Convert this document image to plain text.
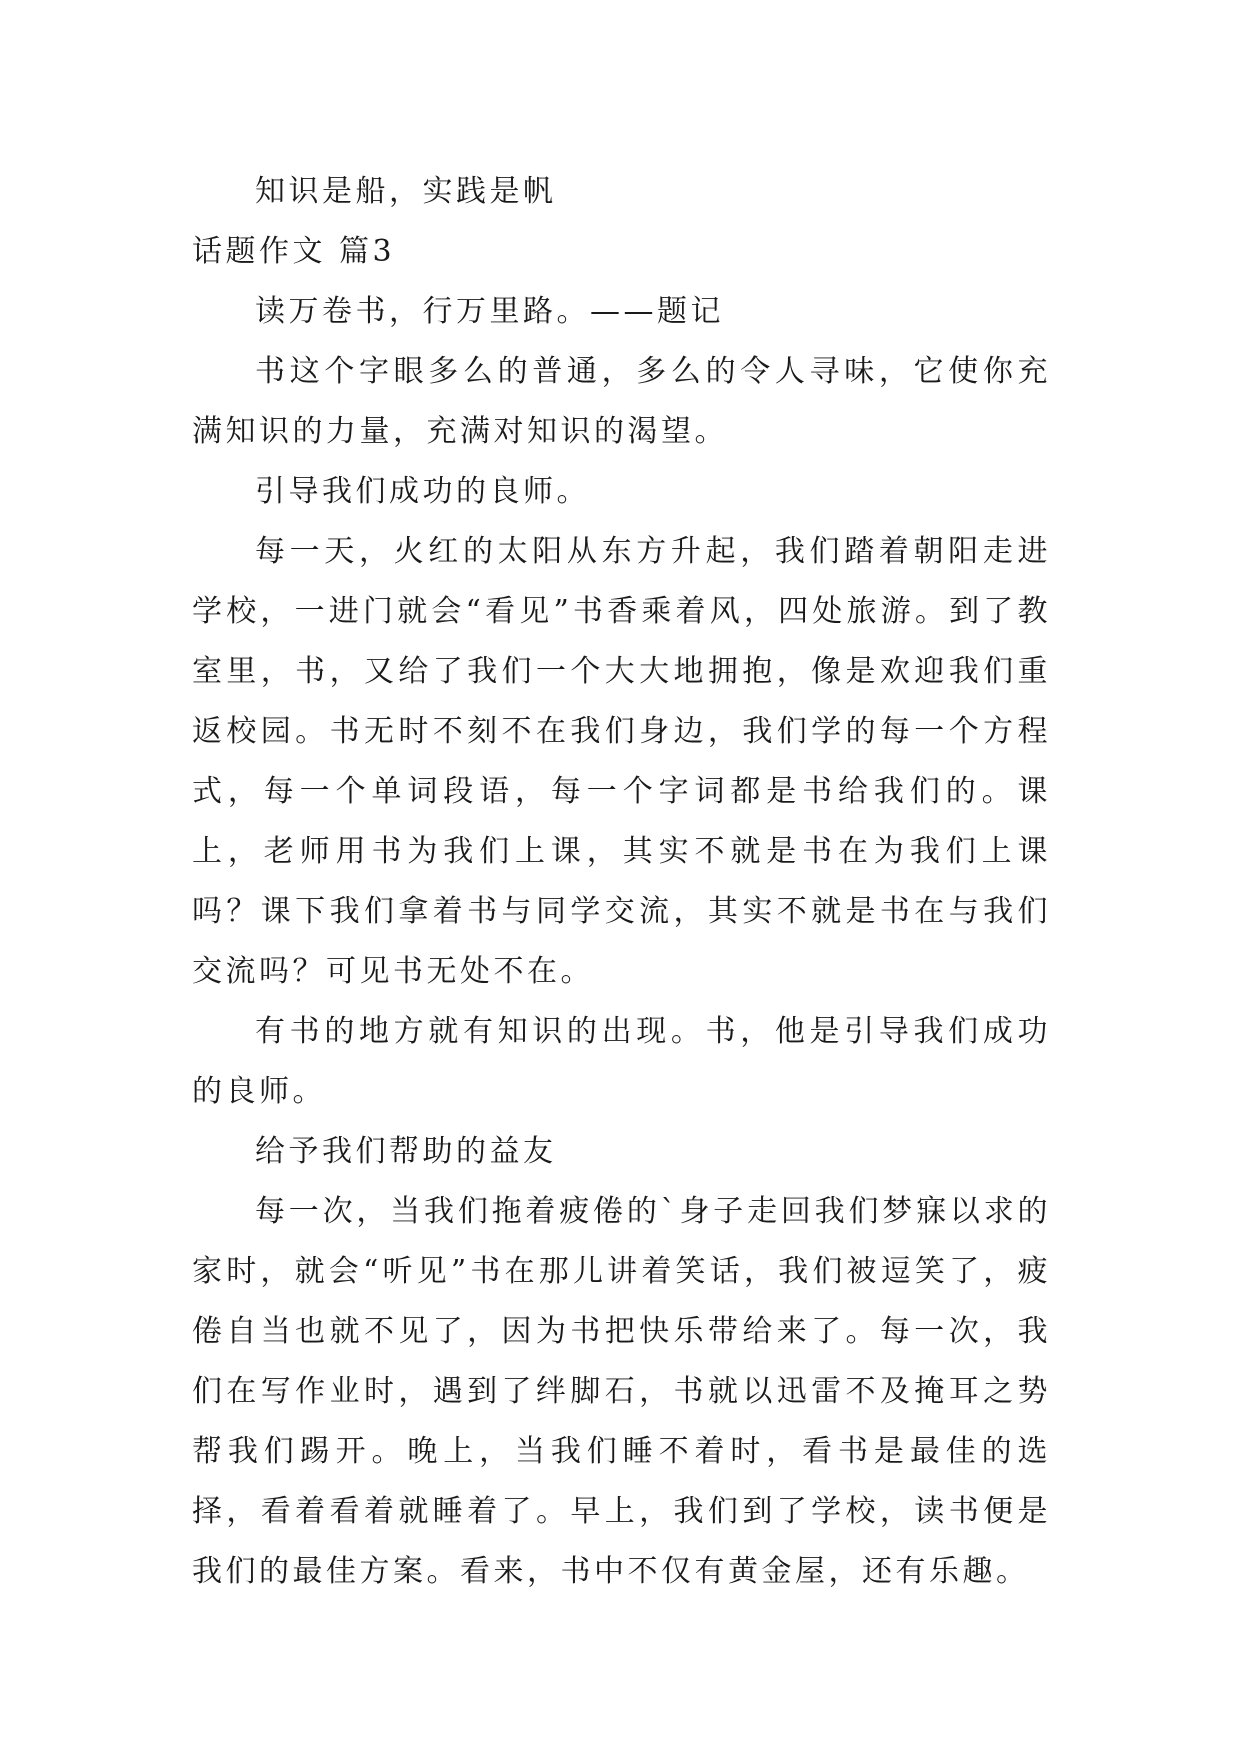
知识是船，实践是帆

话题作文 篇3

读万卷书，行万里路。——题记

书这个字眼多么的普通，多么的令人寻味，它使你充满知识的力量，充满对知识的渴望。

引导我们成功的良师。

每一天，火红的太阳从东方升起，我们踏着朝阳走进学校，一进门就会“看见”书香乘着风，四处旅游。到了教室里，书，又给了我们一个大大地拥抱，像是欢迎我们重返校园。书无时不刻不在我们身边，我们学的每一个方程式，每一个单词段语，每一个字词都是书给我们的。课上，老师用书为我们上课，其实不就是书在为我们上课吗？课下我们拿着书与同学交流，其实不就是书在与我们交流吗？可见书无处不在。

有书的地方就有知识的出现。书，他是引导我们成功的良师。

给予我们帮助的益友

每一次，当我们拖着疲倦的`身子走回我们梦寐以求的家时，就会“听见”书在那儿讲着笑话，我们被逗笑了，疲倦自当也就不见了，因为书把快乐带给来了。每一次，我们在写作业时，遇到了绊脚石，书就以迅雷不及掩耳之势帮我们踢开。晚上，当我们睡不着时，看书是最佳的选择，看着看着就睡着了。早上，我们到了学校，读书便是我们的最佳方案。看来，书中不仅有黄金屋，还有乐趣。
